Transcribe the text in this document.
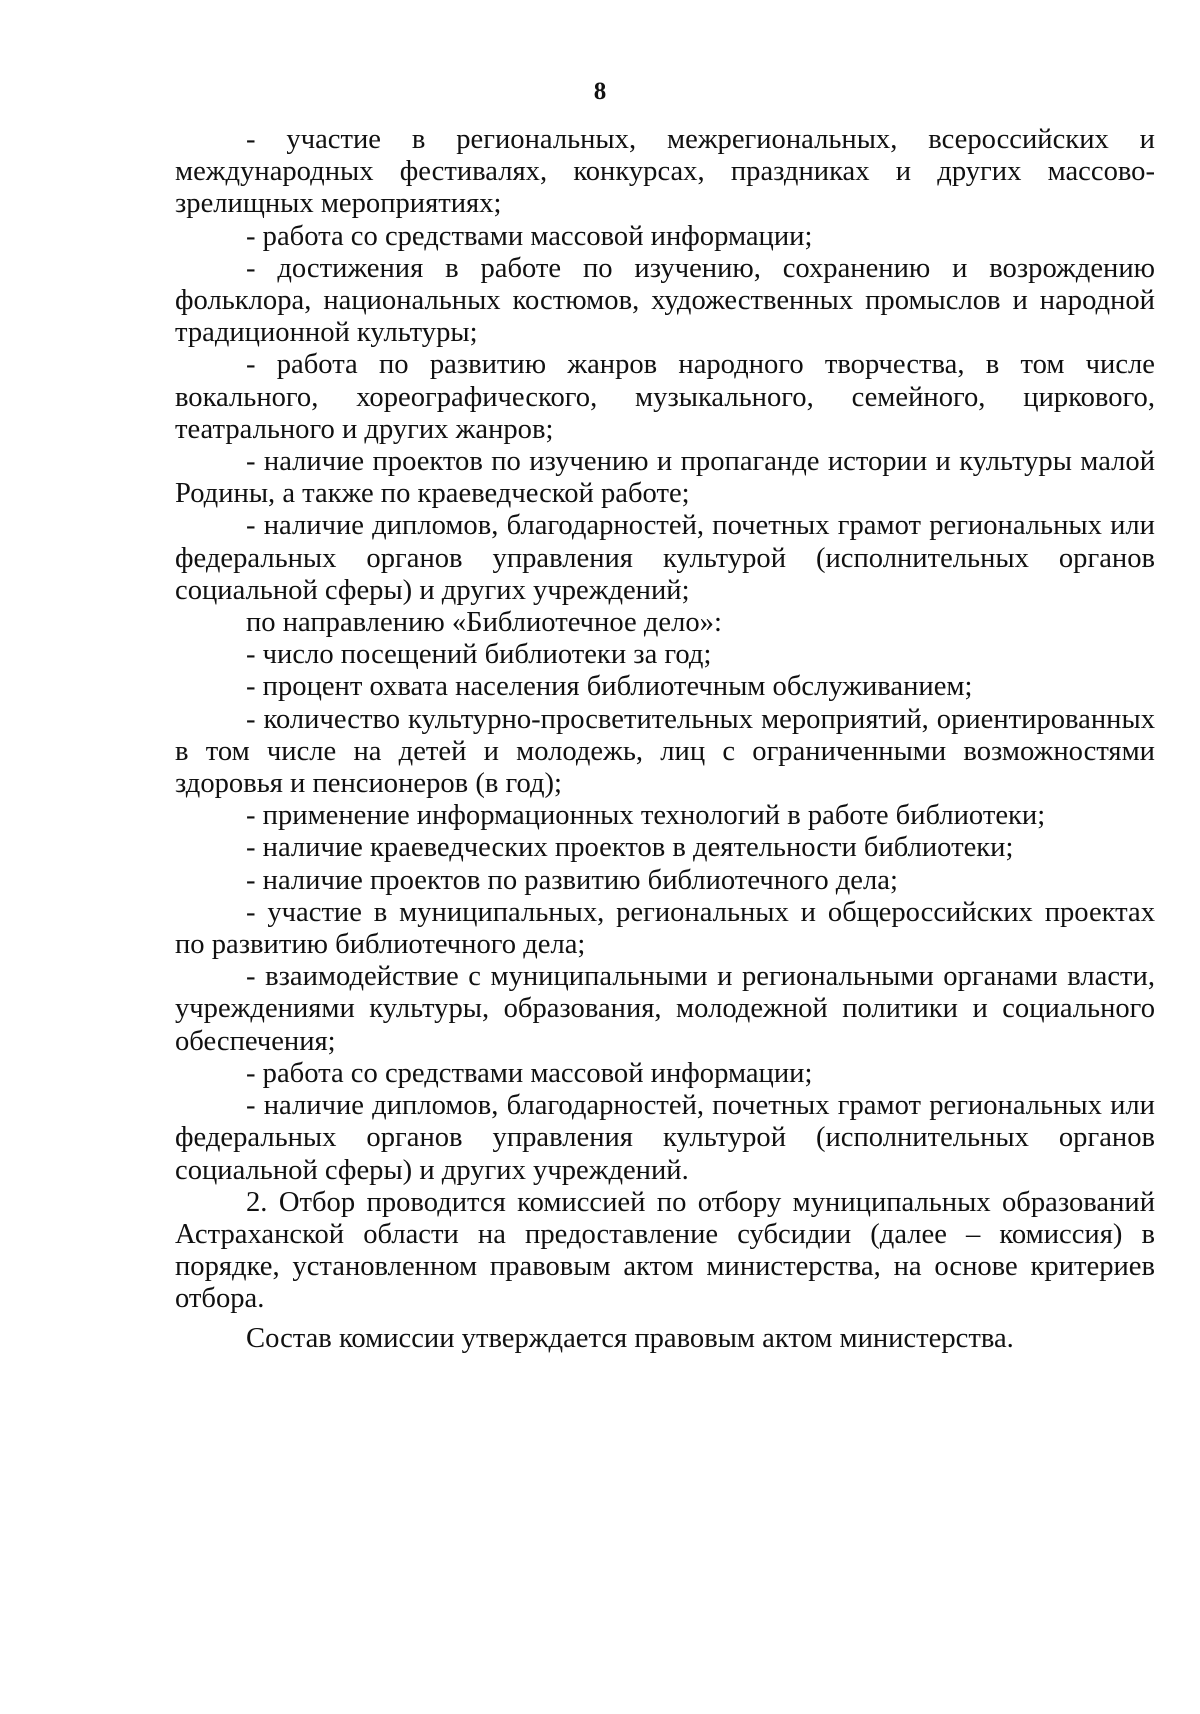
8

- участие в региональных, межрегиональных, всероссийских и международных фестивалях, конкурсах, праздниках и других массово-зрелищных мероприятиях;

- работа со средствами массовой информации;

- достижения в работе по изучению, сохранению и возрождению фольклора, национальных костюмов, художественных промыслов и народной традиционной культуры;

- работа по развитию жанров народного творчества, в том числе вокального, хореографического, музыкального, семейного, циркового, театрального и других жанров;

- наличие проектов по изучению и пропаганде истории и культуры малой Родины, а также по краеведческой работе;

- наличие дипломов, благодарностей, почетных грамот региональных или федеральных органов управления культурой (исполнительных органов социальной сферы) и других учреждений;

по направлению «Библиотечное дело»:

- число посещений библиотеки за год;

- процент охвата населения библиотечным обслуживанием;

- количество культурно-просветительных мероприятий, ориентированных в том числе на детей и молодежь, лиц с ограниченными возможностями здоровья и пенсионеров (в год);

- применение информационных технологий в работе библиотеки;

- наличие краеведческих проектов в деятельности библиотеки;

- наличие проектов по развитию библиотечного дела;

- участие в муниципальных, региональных и общероссийских проектах по развитию библиотечного дела;

- взаимодействие с муниципальными и региональными органами власти, учреждениями культуры, образования, молодежной политики и социального обеспечения;

- работа со средствами массовой информации;

- наличие дипломов, благодарностей, почетных грамот региональных или федеральных органов управления культурой (исполнительных органов социальной сферы) и других учреждений.

2. Отбор проводится комиссией по отбору муниципальных образований Астраханской области на предоставление субсидии (далее – комиссия) в порядке, установленном правовым актом министерства, на основе критериев отбора.

Состав комиссии утверждается правовым актом министерства.
